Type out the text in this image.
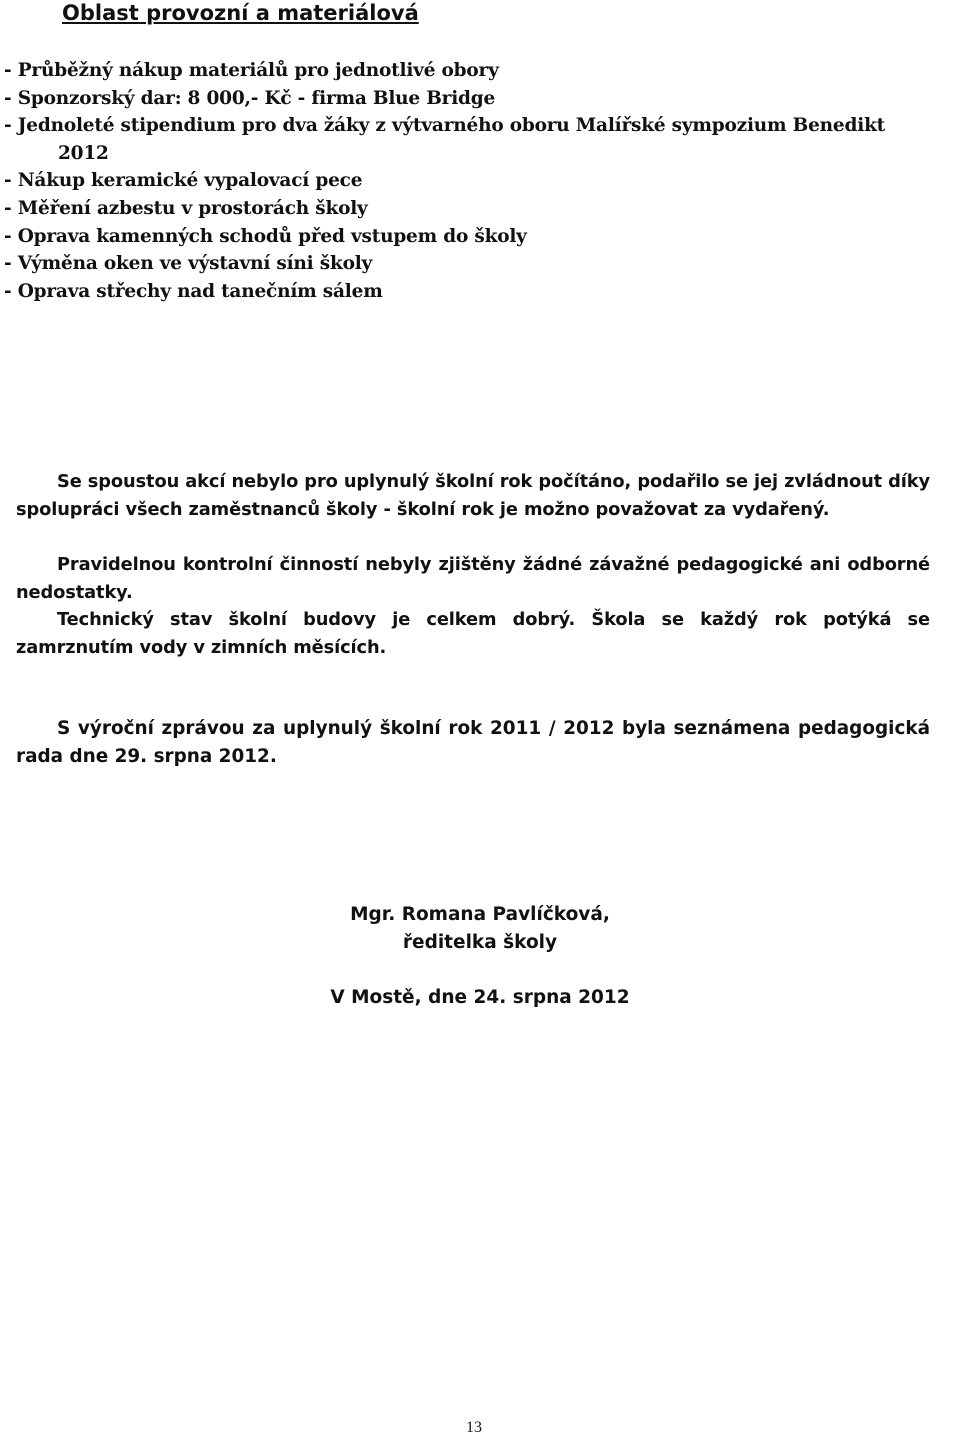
Oblast provozní a materiálová
- Průběžný nákup materiálů pro jednotlivé obory
- Sponzorský dar: 8 000,- Kč - firma Blue Bridge
- Jednoleté stipendium pro dva žáky z výtvarného oboru Malířské sympozium Benedikt
2012
- Nákup keramické vypalovací pece
- Měření azbestu v prostorách školy
- Oprava kamenných schodů před vstupem do školy
- Výměna oken ve výstavní síni školy
- Oprava střechy nad tanečním sálem

Se spoustou akcí nebylo pro uplynulý školní rok počítáno, podařilo se jej zvládnout díky spolupráci všech zaměstnanců školy - školní rok je možno považovat za vydařený.

Pravidelnou kontrolní činností nebyly zjištěny žádné závažné pedagogické ani odborné nedostatky.

Technický stav školní budovy je celkem dobrý. Škola se každý rok potýká se zamrznutím vody v zimních měsících.

S výroční zprávou za uplynulý školní rok 2011 / 2012 byla seznámena pedagogická rada dne 29. srpna 2012.

Mgr. Romana Pavlíčková,

ředitelka školy

V Mostě, dne 24. srpna 2012

13
